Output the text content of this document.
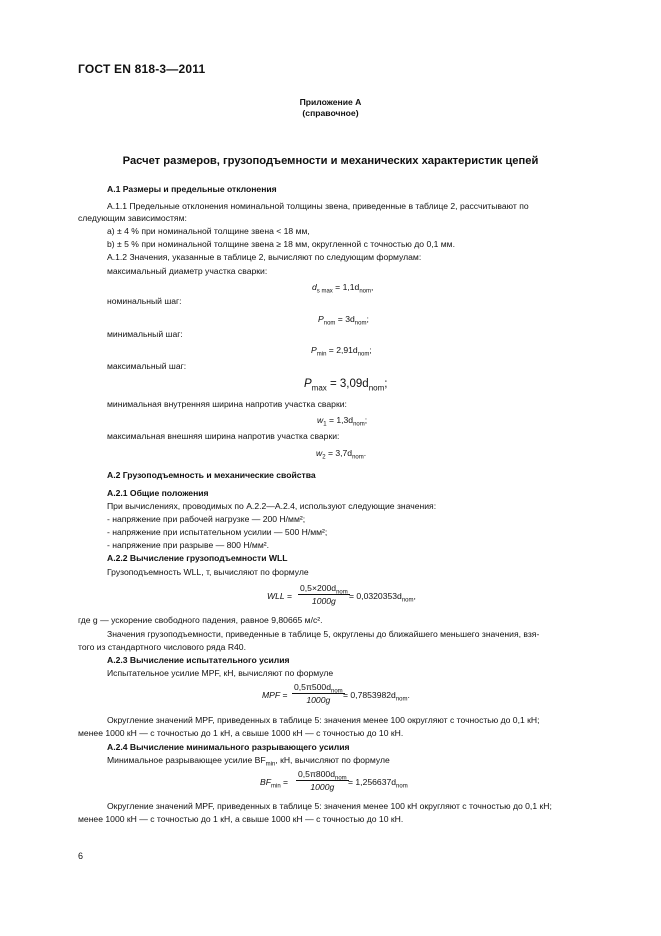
ГОСТ EN 818-3—2011
Приложение А
(справочное)
Расчет размеров, грузоподъемности и механических характеристик цепей
А.1 Размеры и предельные отклонения
А.1.1 Предельные отклонения номинальной толщины звена, приведенные в таблице 2, рассчитывают по
следующим зависимостям:
а) ± 4 % при номинальной толщине звена < 18 мм,
b) ± 5 % при номинальной толщине звена ≥ 18 мм, округленной с точностью до 0,1 мм.
А.1.2 Значения, указанные в таблице 2, вычисляют по следующим формулам:
максимальный диаметр участка сварки:
$d_{s max} = 1,1d_{nom}$,
номинальный шаг:
$P_{nom} = 3d_{nom}$;
минимальный шаг:
$P_{min} = 2,91d_{nom}$;
максимальный шаг:
$P_{max} = 3,09d_{nom}$;
минимальная внутренняя ширина напротив участка сварки:
$w_1 = 1,3d_{nom}$;
максимальная внешняя ширина напротив участка сварки:
$w_2 = 3,7d_{nom}$.
А.2 Грузоподъемность и механические свойства
А.2.1 Общие положения
При вычислениях, проводимых по А.2.2—А.2.4, используют следующие значения:
- напряжение при рабочей нагрузке — 200 Н/мм²;
- напряжение при испытательном усилии — 500 Н/мм²;
- напряжение при разрыве — 800 Н/мм².
А.2.2 Вычисление грузоподъемности WLL
Грузоподъемность WLL, т, вычисляют по формуле
WLL =
$0,5\times 200d_{nom}$
1000g	= $0,0320353d_{nom}$,
где g — ускорение свободного падения, равное 9,80665 м/с².
Значения грузоподъемности, приведенные в таблице 5, округлены до ближайшего меньшего значения, взя-
того из стандартного числового ряда R40.
А.2.3 Вычисление испытательного усилия
Испытательное усилие MPF, кН, вычисляют по формуле
MPF =
$0,5\pi 500d_{nom}$
1000g	= $0,7853982d_{nom}$.
Округление значений MPF, приведенных в таблице 5: значения менее 100 округляют с точностью до 0,1 кН;
менее 1000 кН — с точностью до 1 кН, а свыше 1000 кН — с точностью до 10 кН.
А.2.4 Вычисление минимального разрывающего усилия
Минимальное разрывающее усилие $BF_{min}$, кН, вычисляют по формуле
$BF_{min}$ =
$0,5\pi 800d_{nom}$
1000g	= $1,256637d_{nom}$
Округление значений MPF, приведенных в таблице 5: значения менее 100 кН округляют с точностью до 0,1 кН;
менее 1000 кН — с точностью до 1 кН, а свыше 1000 кН — с точностью до 10 кН.
6
